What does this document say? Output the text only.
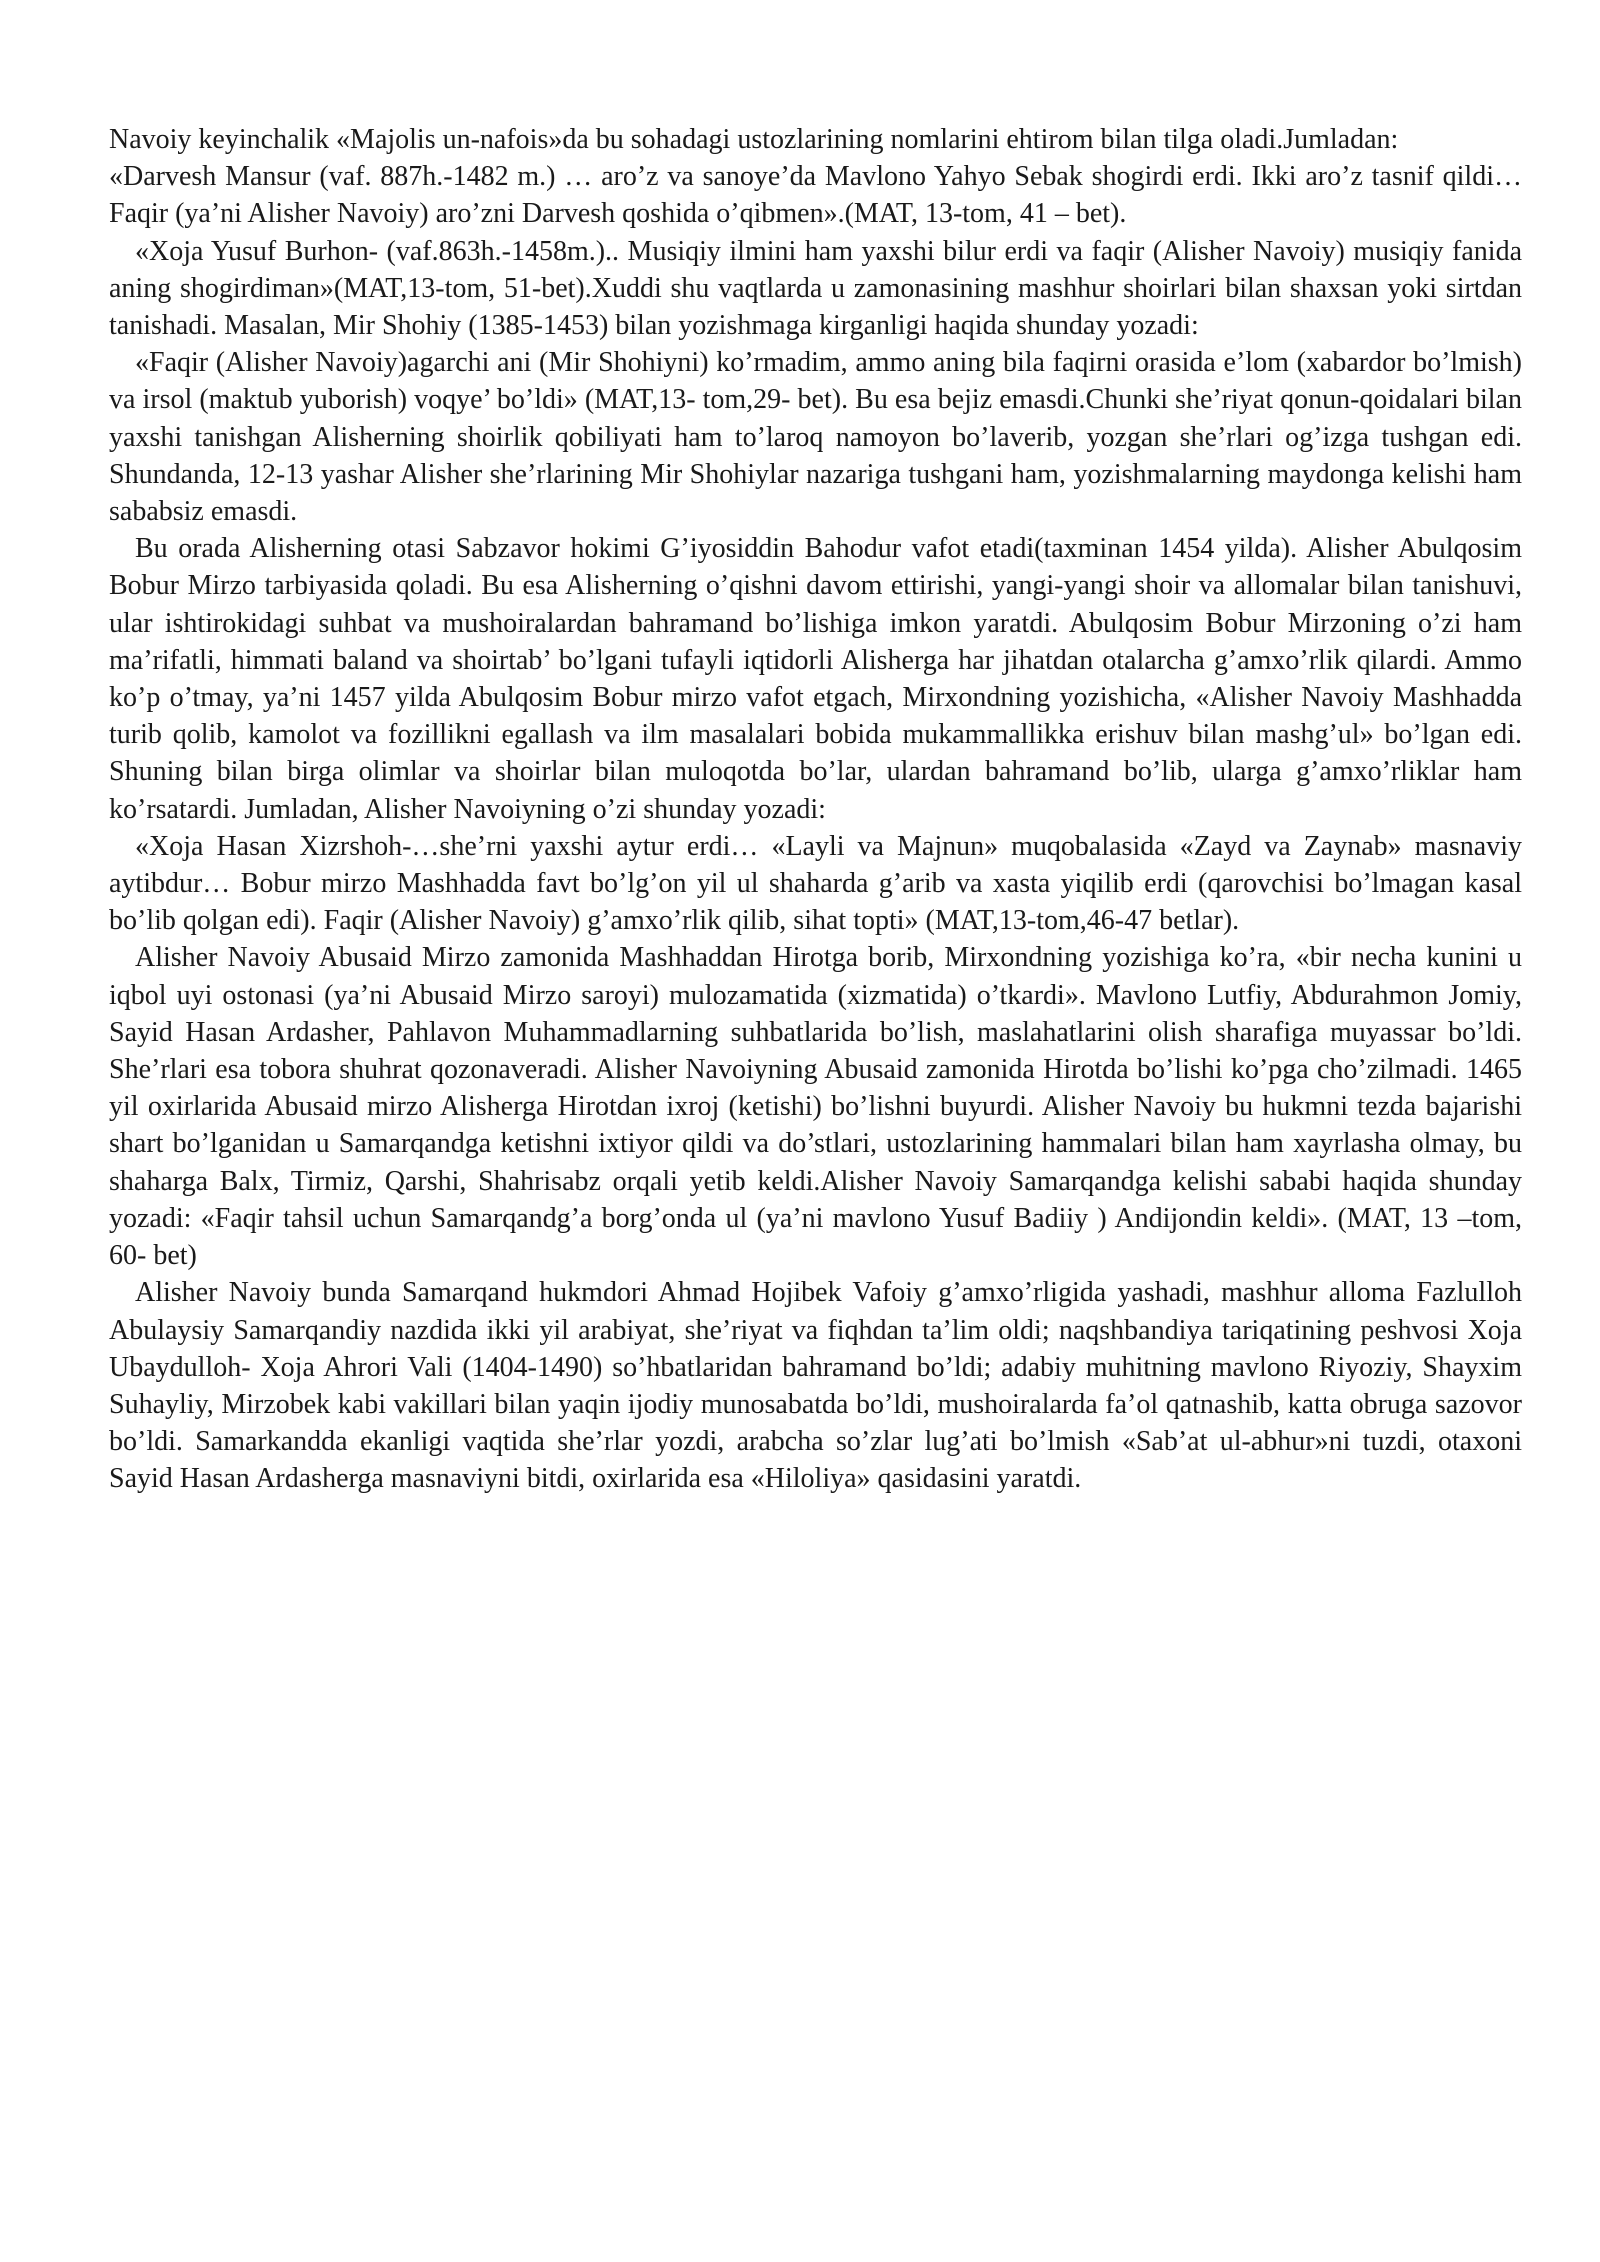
Navoiy keyinchalik «Majolis un-nafois»da bu sohadagi ustozlarining nomlarini ehtirom bilan tilga oladi.Jumladan:

«Darvesh Mansur (vaf. 887h.-1482 m.) … aro’z va sanoye’da Mavlono Yahyo Sebak shogirdi erdi. Ikki aro’z tasnif qildi… Faqir (ya’ni Alisher Navoiy) aro’zni Darvesh qoshida o’qibmen».(MAT, 13-tom, 41 – bet).

«Xoja Yusuf Burhon- (vaf.863h.-1458m.).. Musiqiy ilmini ham yaxshi bilur erdi va faqir (Alisher Navoiy) musiqiy fanida aning shogirdiman»(MAT,13-tom, 51-bet).Xuddi shu vaqtlarda u zamonasining mashhur shoirlari bilan shaxsan yoki sirtdan tanishadi. Masalan, Mir Shohiy (1385-1453) bilan yozishmaga kirganligi haqida shunday yozadi:

«Faqir (Alisher Navoiy)agarchi ani (Mir Shohiyni) ko’rmadim, ammo aning bila faqirni orasida e’lom (xabardor bo’lmish) va irsol (maktub yuborish) voqye’ bo’ldi» (MAT,13- tom,29- bet). Bu esa bejiz emasdi.Chunki she’riyat qonun-qoidalari bilan yaxshi tanishgan Alisherning shoirlik qobiliyati ham to’laroq namoyon bo’laverib, yozgan she’rlari og’izga tushgan edi. Shundanda, 12-13 yashar Alisher she’rlarining Mir Shohiylar nazariga tushgani ham, yozishmalarning maydonga kelishi ham sababsiz emasdi.

Bu orada Alisherning otasi Sabzavor hokimi G’iyosiddin Bahodur vafot etadi(taxminan 1454 yilda). Alisher Abulqosim Bobur Mirzo tarbiyasida qoladi. Bu esa Alisherning o’qishni davom ettirishi, yangi-yangi shoir va allomalar bilan tanishuvi, ular ishtirokidagi suhbat va mushoiralardan bahramand bo’lishiga imkon yaratdi. Abulqosim Bobur Mirzoning o’zi ham ma’rifatli, himmati baland va shoirtab’ bo’lgani tufayli iqtidorli Alisherga har jihatdan otalarcha g’amxo’rlik qilardi. Ammo ko’p o’tmay, ya’ni 1457 yilda Abulqosim Bobur mirzo vafot etgach, Mirxondning yozishicha, «Alisher Navoiy Mashhadda turib qolib, kamolot va fozillikni egallash va ilm masalalari bobida mukammallikka erishuv bilan mashg’ul» bo’lgan edi. Shuning bilan birga olimlar va shoirlar bilan muloqotda bo’lar, ulardan bahramand bo’lib, ularga g’amxo’rliklar ham ko’rsatardi. Jumladan, Alisher Navoiyning o’zi shunday yozadi:

«Xoja Hasan Xizrshoh-…she’rni yaxshi aytur erdi… «Layli va Majnun» muqobalasida «Zayd va Zaynab» masnaviy aytibdur… Bobur mirzo Mashhadda favt bo’lg’on yil ul shaharda g’arib va xasta yiqilib erdi (qarovchisi bo’lmagan kasal bo’lib qolgan edi). Faqir (Alisher Navoiy) g’amxo’rlik qilib, sihat topti» (MAT,13-tom,46-47 betlar).

Alisher Navoiy Abusaid Mirzo zamonida Mashhaddan Hirotga borib, Mirxondning yozishiga ko’ra, «bir necha kunini u iqbol uyi ostonasi (ya’ni Abusaid Mirzo saroyi) mulozamatida (xizmatida) o’tkardi». Mavlono Lutfiy, Abdurahmon Jomiy, Sayid Hasan Ardasher, Pahlavon Muhammadlarning suhbatlarida bo’lish, maslahatlarini olish sharafiga muyassar bo’ldi. She’rlari esa tobora shuhrat qozonaveradi. Alisher Navoiyning Abusaid zamonida Hirotda bo’lishi ko’pga cho’zilmadi. 1465 yil oxirlarida Abusaid mirzo Alisherga Hirotdan ixroj (ketishi) bo’lishni buyurdi. Alisher Navoiy bu hukmni tezda bajarishi shart bo’lganidan u Samarqandga ketishni ixtiyor qildi va do’stlari, ustozlarining hammalari bilan ham xayrlasha olmay, bu shaharga Balx, Tirmiz, Qarshi, Shahrisabz orqali yetib keldi.Alisher Navoiy Samarqandga kelishi sababi haqida shunday yozadi: «Faqir tahsil uchun Samarqandg’a borg’onda ul (ya’ni mavlono Yusuf Badiiy ) Andijondin keldi». (MAT, 13 –tom, 60- bet)

Alisher Navoiy bunda Samarqand hukmdori Ahmad Hojibek Vafoiy g’amxo’rligida yashadi, mashhur alloma Fazlulloh Abulaysiy Samarqandiy nazdida ikki yil arabiyat, she’riyat va fiqhdan ta’lim oldi; naqshbandiya tariqatining peshvosi Xoja Ubaydulloh- Xoja Ahrori Vali (1404-1490) so’hbatlaridan bahramand bo’ldi; adabiy muhitning mavlono Riyoziy, Shayxim Suhayliy, Mirzobek kabi vakillari bilan yaqin ijodiy munosabatda bo’ldi, mushoiralarda fa’ol qatnashib, katta obruga sazovor bo’ldi. Samarkandda ekanligi vaqtida she’rlar yozdi, arabcha so’zlar lug’ati bo’lmish «Sab’at ul-abhur»ni tuzdi, otaxoni Sayid Hasan Ardasherga masnaviyni bitdi, oxirlarida esa «Hiloliya» qasidasini yaratdi.
